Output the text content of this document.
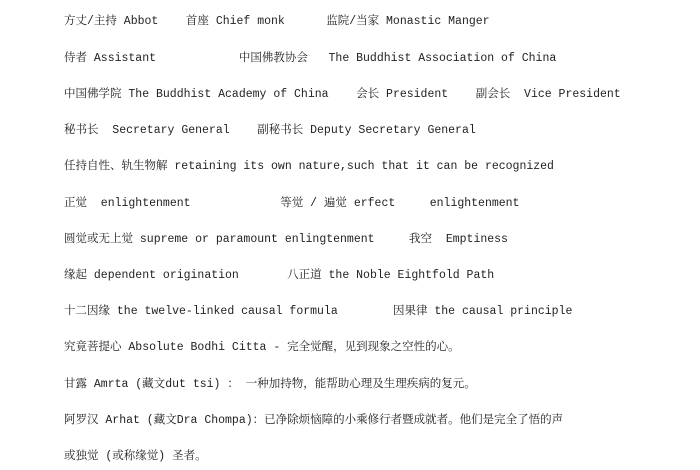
方丈/主持 Abbot    首座 Chief monk      监院/当家 Monastic Manger
侍者 Assistant            中国佛教协会   The Buddhist Association of China
中国佛学院 The Buddhist Academy of China    会长 President    副会长  Vice President
秘书长  Secretary General    副秘书长 Deputy Secretary General
任持自性、轨生物解 retaining its own nature,such that it can be recognized
正觉  enlightenment             等觉 / 遍觉 erfect     enlightenment
圆觉或无上觉 supreme or paramount enlingtenment     我空  Emptiness
缘起 dependent origination       八正道 the Noble Eightfold Path
十二因缘 the twelve-linked causal formula        因果律 the causal principle
究竟菩提心 Absolute Bodhi Citta - 完全觉醒，见到现象之空性的心。
甘露 Amrta (藏文dut tsi) ： 一种加持物，能帮助心理及生理疾病的复元。
阿罗汉 Arhat (藏文Dra Chompa)：已净除烦恼障的小乘修行者暨成就者。他们是完全了悟的声
或独觉 (或称缘觉) 圣者。
